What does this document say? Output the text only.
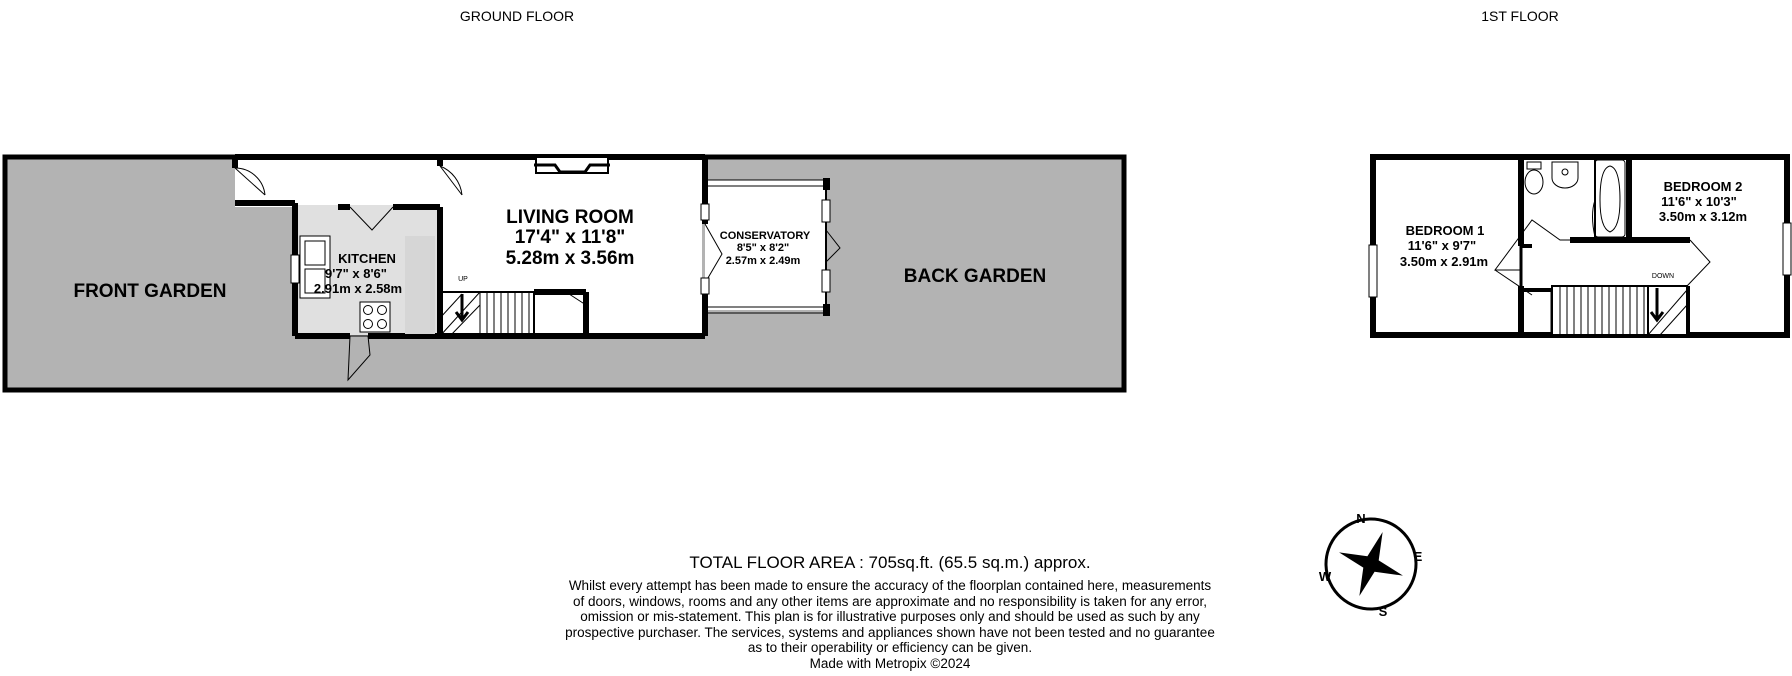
GROUND FLOOR	1ST FLOOR
UP
FRONT GARDEN
BACK GARDEN
KITCHEN
9'7" x 8'6"
2.91m x 2.58m
LIVING ROOM
17'4" x 11'8"
5.28m x 3.56m
CONSERVATORY
8'5" x 8'2"
2.57m x 2.49m
DOWN
BEDROOM 1
11'6" x 9'7"
3.50m x 2.91m
BEDROOM 2
11'6" x 10'3"
3.50m x 3.12m
N
E
S
W
TOTAL FLOOR AREA : 705sq.ft. (65.5 sq.m.) approx.
Whilst every attempt has been made to ensure the accuracy of the floorplan contained here, measurements
of doors, windows, rooms and any other items are approximate and no responsibility is taken for any error,
omission or mis-statement. This plan is for illustrative purposes only and should be used as such by any
prospective purchaser. The services, systems and appliances shown have not been tested and no guarantee
as to their operability or efficiency can be given.
Made with Metropix ©2024
